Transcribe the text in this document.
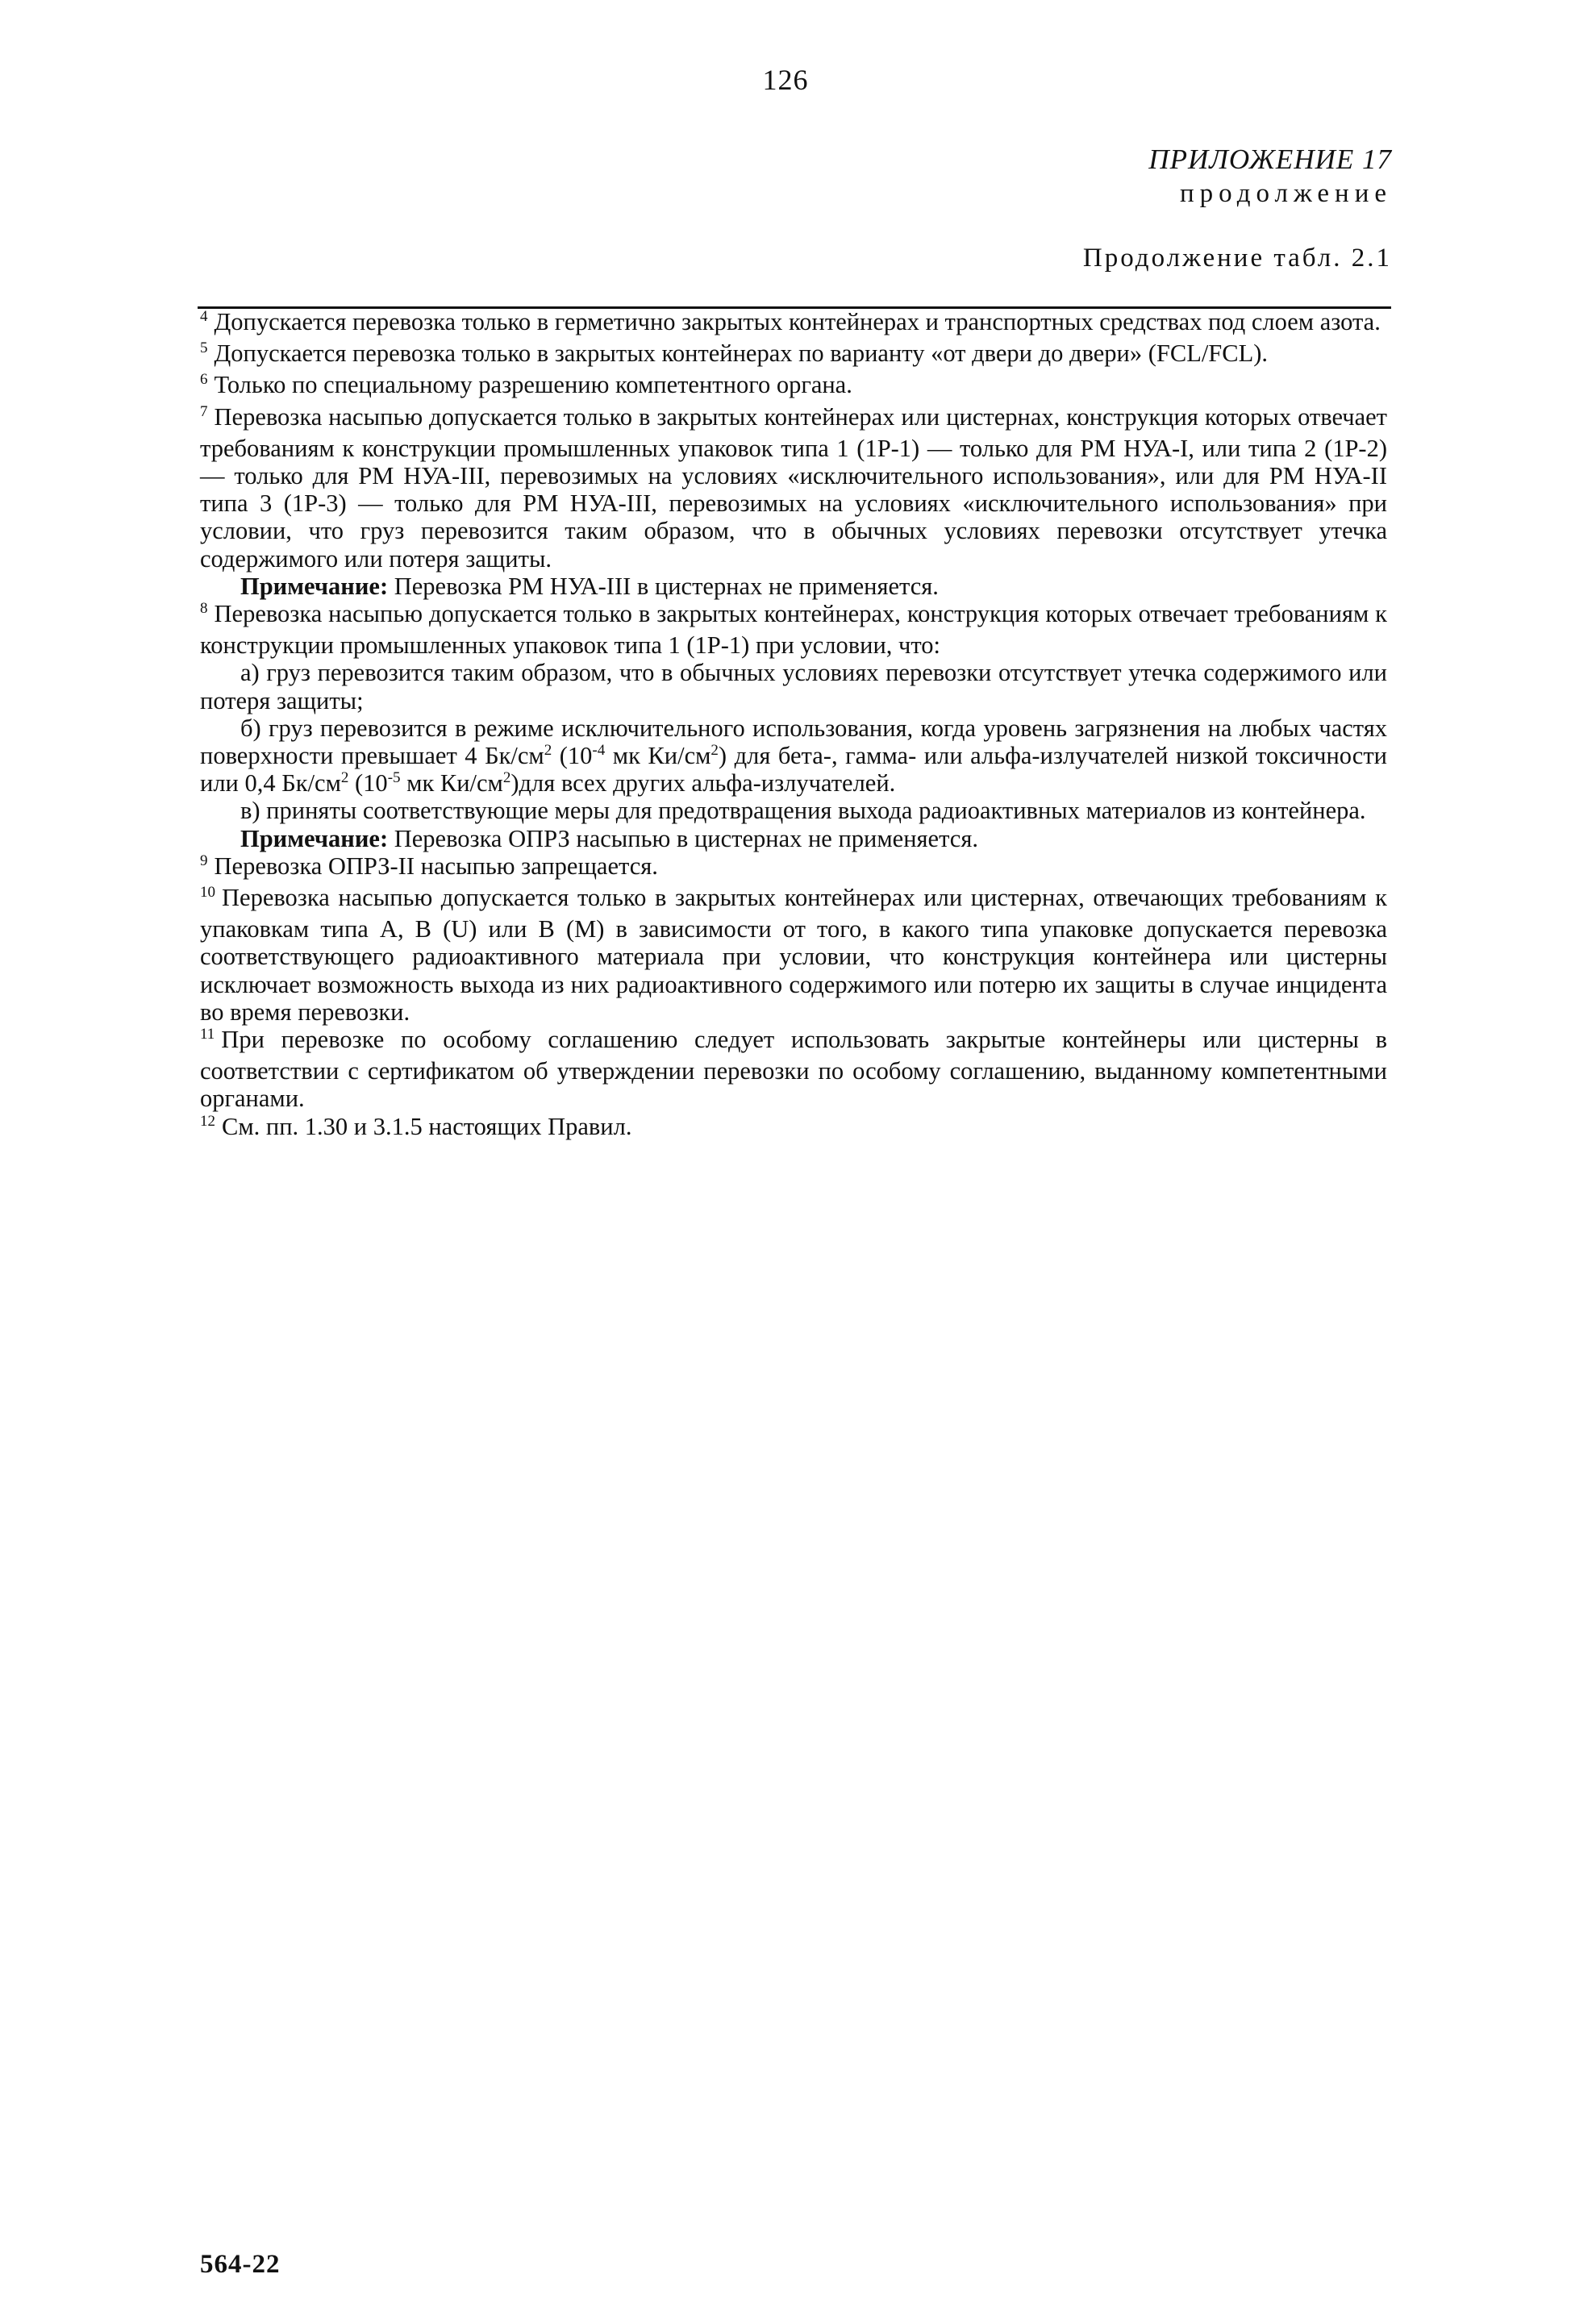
126
ПРИЛОЖЕНИЕ 17
продолжение
Продолжение табл. 2.1

$^4$ Допускается перевозка только в герметично закрытых контейнерах и транспортных средствах под слоем азота.

$^5$ Допускается перевозка только в закрытых контейнерах по варианту «от двери до двери» (FCL/FCL).

$^6$ Только по специальному разрешению компетентного органа.

$^7$ Перевозка насыпью допускается только в закрытых контейнерах или цистернах, конструкция которых отвечает требованиям к конструкции промышленных упаковок типа 1 (1Р-1) — только для РМ НУА-I, или типа 2 (1Р-2) — только для РМ НУА-III, перевозимых на условиях «исключительного использования», или для РМ НУА-II типа 3 (1Р-3) — только для РМ НУА-III, перевозимых на условиях «исключительного использования» при условии, что груз перевозится таким образом, что в обычных условиях перевозки отсутствует утечка содержимого или потеря защиты.

Примечание: Перевозка РМ НУА-III в цистернах не применяется.

$^8$ Перевозка насыпью допускается только в закрытых контейнерах, конструкция которых отвечает требованиям к конструкции промышленных упаковок типа 1 (1Р-1) при условии, что:

а) груз перевозится таким образом, что в обычных условиях перевозки отсутствует утечка содержимого или потеря защиты;

б) груз перевозится в режиме исключительного использования, когда уровень загрязнения на любых частях поверхности превышает 4 $Бк/см^2$ ($10^{-4}$ мк $Ки/см^2$) для бета-, гамма- или альфа-излучателей низкой токсичности или 0,4 $Бк/см^2$ ($10^{-5}$ мк $Ки/см^2)для$ всех других альфа-излучателей.

в) приняты соответствующие меры для предотвращения выхода радиоактивных материалов из контейнера.

Примечание: Перевозка ОПРЗ насыпью в цистернах не применяется.

$^9$ Перевозка ОПРЗ-II насыпью запрещается.

$^{10}$ Перевозка насыпью допускается только в закрытых контейнерах или цистернах, отвечающих требованиям к упаковкам типа A, B (U) или B (M) в зависимости от того, в какого типа упаковке допускается перевозка соответствующего радиоактивного материала при условии, что конструкция контейнера или цистерны исключает возможность выхода из них радиоактивного содержимого или потерю их защиты в случае инцидента во время перевозки.

$^{11}$ При перевозке по особому соглашению следует использовать закрытые контейнеры или цистерны в соответствии с сертификатом об утверждении перевозки по особому соглашению, выданному компетентными органами.

$^{12}$ См. пп. 1.30 и 3.1.5 настоящих Правил.

564-22
